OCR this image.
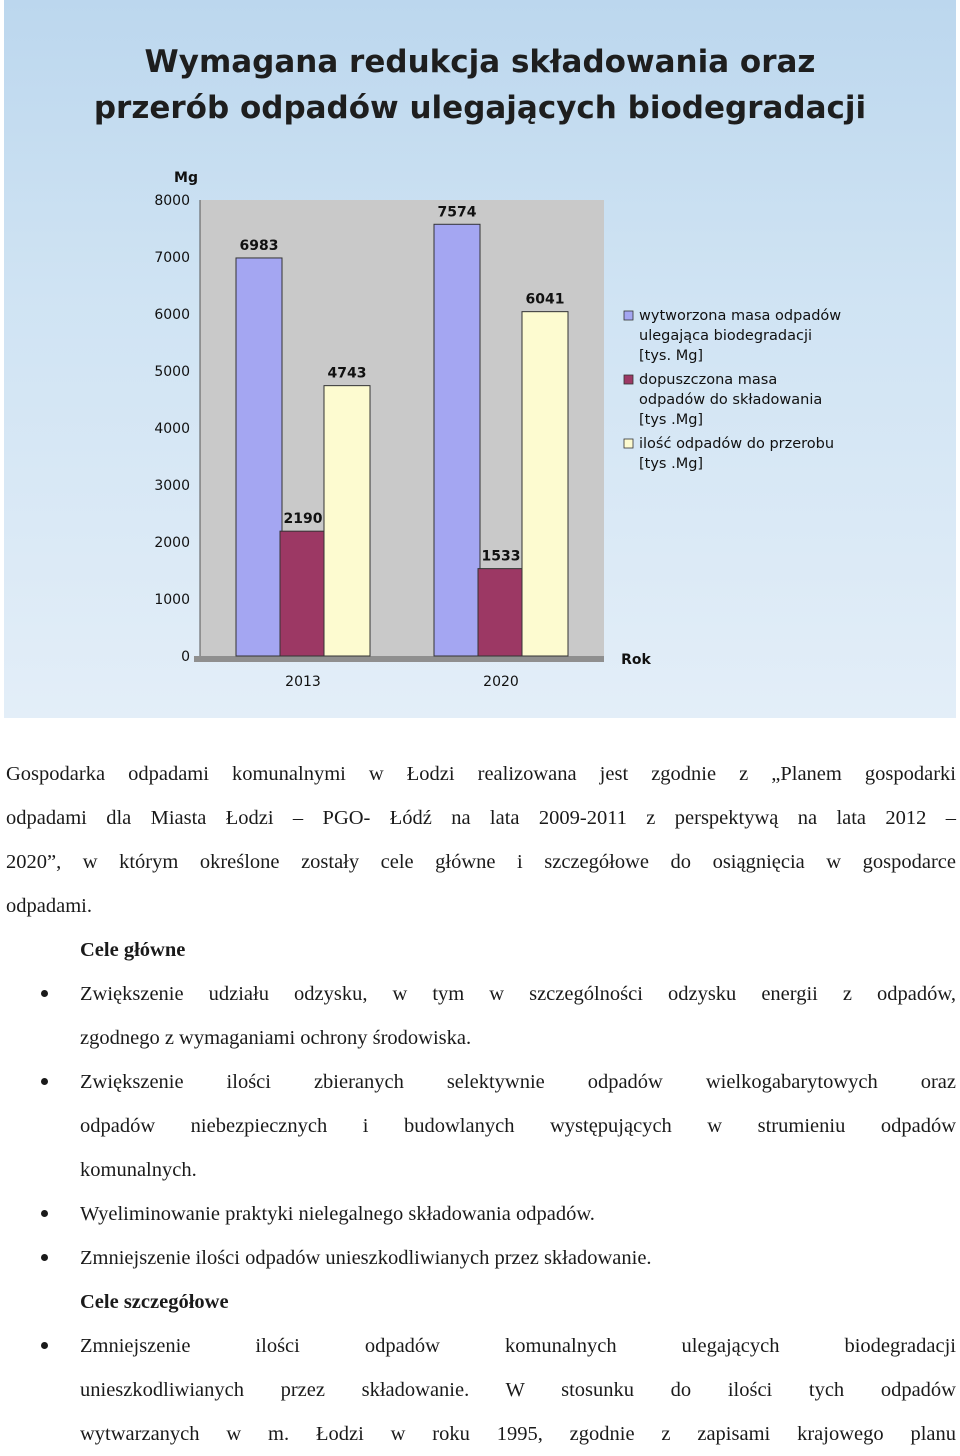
Wymagana redukcja składowania oraz
przerób odpadów ulegających biodegradacji
Mg
Rok
0
1000
2000
3000
4000
5000
6000
7000
8000
6983
2190
4743
2013
7574
1533
6041
2020
wytworzona masa odpadów
ulegająca biodegradacji
[tys. Mg]
dopuszczona masa
odpadów do składowania
[tys .Mg]
ilość odpadów do przerobu
[tys .Mg]

Gospodarka odpadami komunalnymi w Łodzi realizowana jest zgodnie z „Planem gospodarki
odpadami dla Miasta Łodzi – PGO- Łódź na lata 2009-2011 z perspektywą na lata 2012 –
2020”, w którym określone zostały cele główne i szczegółowe do osiągnięcia w gospodarce
odpadami.

Cele główne

Zwiększenie udziału odzysku, w tym w szczególności odzysku energii z odpadów,
zgodnego z wymaganiami ochrony środowiska.
Zwiększenie ilości zbieranych selektywnie odpadów wielkogabarytowych oraz
odpadów niebezpiecznych i budowlanych występujących w strumieniu odpadów
komunalnych.
Wyeliminowanie praktyki nielegalnego składowania odpadów.
Zmniejszenie ilości odpadów unieszkodliwianych przez składowanie.

Cele szczegółowe

Zmniejszenie ilości odpadów komunalnych ulegających biodegradacji
unieszkodliwianych przez składowanie. W stosunku do ilości tych odpadów
wytwarzanych w m. Łodzi w roku 1995, zgodnie z zapisami krajowego planu
